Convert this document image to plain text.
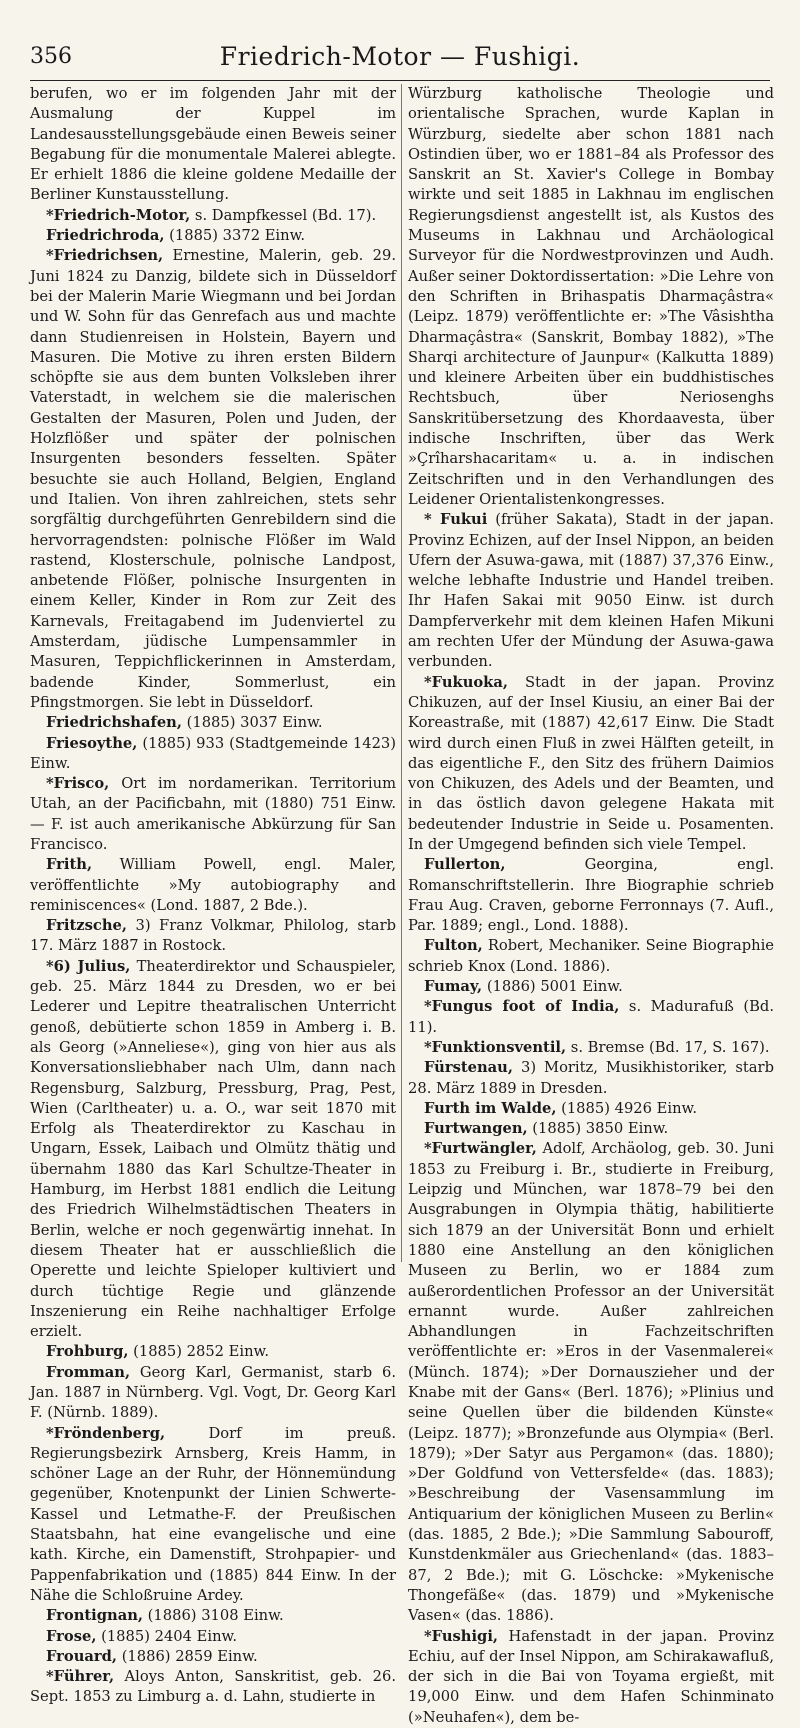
356	Friedrich-Motor — Fushigi.

berufen, wo er im folgenden Jahr mit der Ausmalung der Kuppel im Landesausstellungsgebäude einen Beweis seiner Begabung für die monumentale Malerei ablegte. Er erhielt 1886 die kleine goldene Medaille der Berliner Kunstausstellung.

*Friedrich-Motor, s. Dampfkessel (Bd. 17).

Friedrichroda, (1885) 3372 Einw.

*Friedrichsen, Ernestine, Malerin, geb. 29. Juni 1824 zu Danzig, bildete sich in Düsseldorf bei der Malerin Marie Wiegmann und bei Jordan und W. Sohn für das Genrefach aus und machte dann Studienreisen in Holstein, Bayern und Masuren. Die Motive zu ihren ersten Bildern schöpfte sie aus dem bunten Volksleben ihrer Vaterstadt, in welchem sie die malerischen Gestalten der Masuren, Polen und Juden, der Holzflößer und später der polnischen Insurgenten besonders fesselten. Später besuchte sie auch Holland, Belgien, England und Italien. Von ihren zahlreichen, stets sehr sorgfältig durchgeführten Genrebildern sind die hervorragendsten: polnische Flößer im Wald rastend, Klosterschule, polnische Landpost, anbetende Flößer, polnische Insurgenten in einem Keller, Kinder in Rom zur Zeit des Karnevals, Freitagabend im Judenviertel zu Amsterdam, jüdische Lumpensammler in Masuren, Teppichflickerinnen in Amsterdam, badende Kinder, Sommerlust, ein Pfingstmorgen. Sie lebt in Düsseldorf.

Friedrichshafen, (1885) 3037 Einw.

Friesoythe, (1885) 933 (Stadtgemeinde 1423) Einw.

*Frisco, Ort im nordamerikan. Territorium Utah, an der Pacificbahn, mit (1880) 751 Einw. — F. ist auch amerikanische Abkürzung für San Francisco.

Frith, William Powell, engl. Maler, veröffentlichte »My autobiography and reminiscences« (Lond. 1887, 2 Bde.).

Fritzsche, 3) Franz Volkmar, Philolog, starb 17. März 1887 in Rostock.

*6) Julius, Theaterdirektor und Schauspieler, geb. 25. März 1844 zu Dresden, wo er bei Lederer und Lepitre theatralischen Unterricht genoß, debütierte schon 1859 in Amberg i. B. als Georg (»Anneliese«), ging von hier aus als Konversationsliebhaber nach Ulm, dann nach Regensburg, Salzburg, Pressburg, Prag, Pest, Wien (Carltheater) u. a. O., war seit 1870 mit Erfolg als Theaterdirektor zu Kaschau in Ungarn, Essek, Laibach und Olmütz thätig und übernahm 1880 das Karl Schultze-Theater in Hamburg, im Herbst 1881 endlich die Leitung des Friedrich Wilhelmstädtischen Theaters in Berlin, welche er noch gegenwärtig innehat. In diesem Theater hat er ausschließlich die Operette und leichte Spieloper kultiviert und durch tüchtige Regie und glänzende Inszenierung ein Reihe nachhaltiger Erfolge erzielt.

Frohburg, (1885) 2852 Einw.

Fromman, Georg Karl, Germanist, starb 6. Jan. 1887 in Nürnberg. Vgl. Vogt, Dr. Georg Karl F. (Nürnb. 1889).

*Fröndenberg, Dorf im preuß. Regierungsbezirk Arnsberg, Kreis Hamm, in schöner Lage an der Ruhr, der Hönnemündung gegenüber, Knotenpunkt der Linien Schwerte-Kassel und Letmathe-F. der Preußischen Staatsbahn, hat eine evangelische und eine kath. Kirche, ein Damenstift, Strohpapier- und Pappenfabrikation und (1885) 844 Einw. In der Nähe die Schloßruine Ardey.

Frontignan, (1886) 3108 Einw.

Frose, (1885) 2404 Einw.

Frouard, (1886) 2859 Einw.

*Führer, Aloys Anton, Sanskritist, geb. 26. Sept. 1853 zu Limburg a. d. Lahn, studierte in

Würzburg katholische Theologie und orientalische Sprachen, wurde Kaplan in Würzburg, siedelte aber schon 1881 nach Ostindien über, wo er 1881–84 als Professor des Sanskrit an St. Xavier's College in Bombay wirkte und seit 1885 in Lakhnau im englischen Regierungsdienst angestellt ist, als Kustos des Museums in Lakhnau und Archäological Surveyor für die Nordwestprovinzen und Audh. Außer seiner Doktordissertation: »Die Lehre von den Schriften in Brihaspatis Dharmaçâstra« (Leipz. 1879) veröffentlichte er: »The Vâsishtha Dharmaçâstra« (Sanskrit, Bombay 1882), »The Sharqi architecture of Jaunpur« (Kalkutta 1889) und kleinere Arbeiten über ein buddhistisches Rechtsbuch, über Neriosenghs Sanskritübersetzung des Khordaavesta, über indische Inschriften, über das Werk »Çrîharshacaritam« u. a. in indischen Zeitschriften und in den Verhandlungen des Leidener Orientalistenkongresses.

* Fukui (früher Sakata), Stadt in der japan. Provinz Echizen, auf der Insel Nippon, an beiden Ufern der Asuwa-gawa, mit (1887) 37,376 Einw., welche lebhafte Industrie und Handel treiben. Ihr Hafen Sakai mit 9050 Einw. ist durch Dampferverkehr mit dem kleinen Hafen Mikuni am rechten Ufer der Mündung der Asuwa-gawa verbunden.

*Fukuoka, Stadt in der japan. Provinz Chikuzen, auf der Insel Kiusiu, an einer Bai der Koreastraße, mit (1887) 42,617 Einw. Die Stadt wird durch einen Fluß in zwei Hälften geteilt, in das eigentliche F., den Sitz des frühern Daimios von Chikuzen, des Adels und der Beamten, und in das östlich davon gelegene Hakata mit bedeutender Industrie in Seide u. Posamenten. In der Umgegend befinden sich viele Tempel.

Fullerton, Georgina, engl. Romanschriftstellerin. Ihre Biographie schrieb Frau Aug. Craven, geborne Ferronnays (7. Aufl., Par. 1889; engl., Lond. 1888).

Fulton, Robert, Mechaniker. Seine Biographie schrieb Knox (Lond. 1886).

Fumay, (1886) 5001 Einw.

*Fungus foot of India, s. Madurafuß (Bd. 11).

*Funktionsventil, s. Bremse (Bd. 17, S. 167).

Fürstenau, 3) Moritz, Musikhistoriker, starb 28. März 1889 in Dresden.

Furth im Walde, (1885) 4926 Einw.

Furtwangen, (1885) 3850 Einw.

*Furtwängler, Adolf, Archäolog, geb. 30. Juni 1853 zu Freiburg i. Br., studierte in Freiburg, Leipzig und München, war 1878–79 bei den Ausgrabungen in Olympia thätig, habilitierte sich 1879 an der Universität Bonn und erhielt 1880 eine Anstellung an den königlichen Museen zu Berlin, wo er 1884 zum außerordentlichen Professor an der Universität ernannt wurde. Außer zahlreichen Abhandlungen in Fachzeitschriften veröffentlichte er: »Eros in der Vasenmalerei« (Münch. 1874); »Der Dornauszieher und der Knabe mit der Gans« (Berl. 1876); »Plinius und seine Quellen über die bildenden Künste« (Leipz. 1877); »Bronzefunde aus Olympia« (Berl. 1879); »Der Satyr aus Pergamon« (das. 1880); »Der Goldfund von Vettersfelde« (das. 1883); »Beschreibung der Vasensammlung im Antiquarium der königlichen Museen zu Berlin« (das. 1885, 2 Bde.); »Die Sammlung Sabouroff, Kunstdenkmäler aus Griechenland« (das. 1883–87, 2 Bde.); mit G. Löschcke: »Mykenische Thongefäße« (das. 1879) und »Mykenische Vasen« (das. 1886).

*Fushigi, Hafenstadt in der japan. Provinz Echiu, auf der Insel Nippon, am Schirakawafluß, der sich in die Bai von Toyama ergießt, mit 19,000 Einw. und dem Hafen Schinminato (»Neuhafen«), dem be-
